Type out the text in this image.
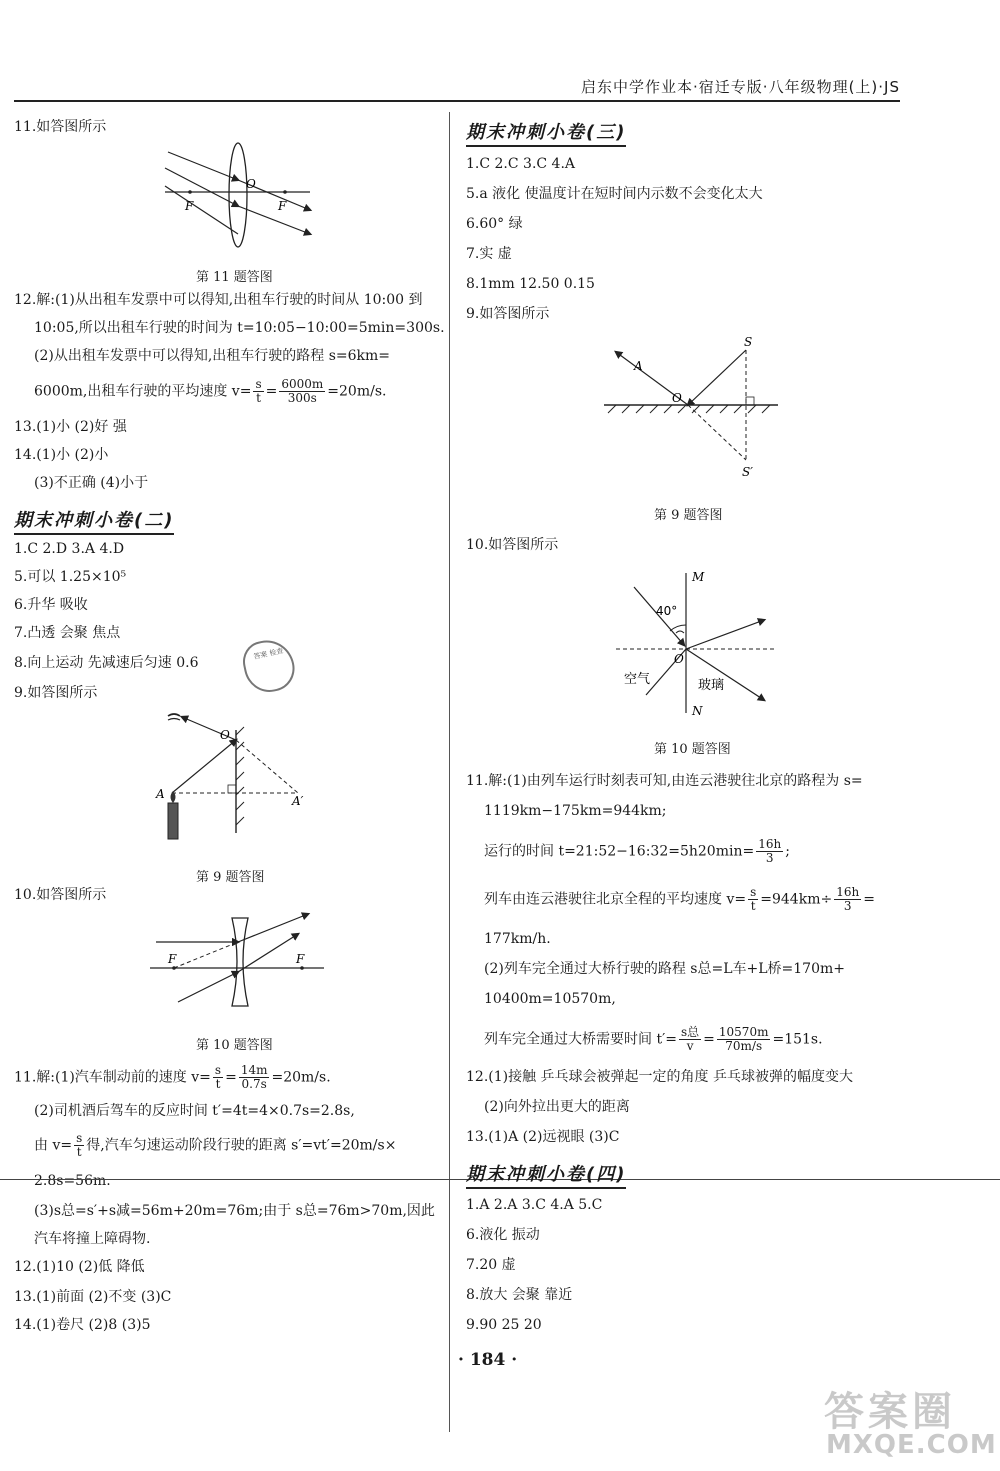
启东中学作业本·宿迁专版·八年级物理(上)·JS
11.如答图所示
O
F	F
第 11 题答图
12.解:(1)从出租车发票中可以得知,出租车行驶的时间从 10:00 到
10:05,所以出租车行驶的时间为 t=10:05−10:00=5min=300s.
(2)从出租车发票中可以得知,出租车行驶的路程 s=6km=
6000m,出租车行驶的平均速度 $v= \frac{s}{t} = \frac{6000m}{300s} =20m/s$.
13.(1)小 (2)好 强
14.(1)小 (2)小
(3)不正确 (4)小于
期末冲刺小卷(二)
1.C 2.D 3.A 4.D
5.可以 1.25×10⁵
6.升华 吸收
7.凸透 会聚 焦点
8.向上运动 先减速后匀速 0.6
答案 检查
9.如答图所示
O
A	A′
第 9 题答图
10.如答图所示
F	F
第 10 题答图
11.解:(1)汽车制动前的速度 $v= \frac{s}{t} = \frac{14m}{0.7s} =20m/s$.
(2)司机酒后驾车的反应时间 t′=4t=4×0.7s=2.8s,
由 $v= \frac{s}{t}$ 得,汽车匀速运动阶段行驶的距离 s′=vt′=20m/s×
2.8s=56m.
(3)s总=s′+s减=56m+20m=76m;由于 s总=76m>70m,因此
汽车将撞上障碍物.
12.(1)10 (2)低 降低
13.(1)前面 (2)不变 (3)C
14.(1)卷尺 (2)8 (3)5
期末冲刺小卷(三)
1.C 2.C 3.C 4.A
5.a 液化 使温度计在短时间内示数不会变化太大
6.60° 绿
7.实 虚
8.1mm 12.50 0.15
9.如答图所示
S
A
O
S′
第 9 题答图
10.如答图所示
M
N
O
40°
空气	玻璃
第 10 题答图
11.解:(1)由列车运行时刻表可知,由连云港驶往北京的路程为 s=
1119km−175km=944km;
运行的时间 t=21:52−16:32=5h20min= $\frac{16h}{3}$ ;
列车由连云港驶往北京全程的平均速度 $v= \frac{s}{t} =944km\div \frac{16h}{3}$ =
177km/h.
(2)列车完全通过大桥行驶的路程 s总=L车+L桥=170m+
10400m=10570m,
列车完全通过大桥需要时间 $t'= \frac{\text{s总}}{v} = \frac{10570m}{70m/s} =151s$.
12.(1)接触 乒乓球会被弹起一定的角度 乒乓球被弹的幅度变大
(2)向外拉出更大的距离
13.(1)A (2)远视眼 (3)C
期末冲刺小卷(四)
1.A 2.A 3.C 4.A 5.C
6.液化 振动
7.20 虚
8.放大 会聚 靠近
9.90 25 20
· 184 ·
答案圈
MXQE.COM
